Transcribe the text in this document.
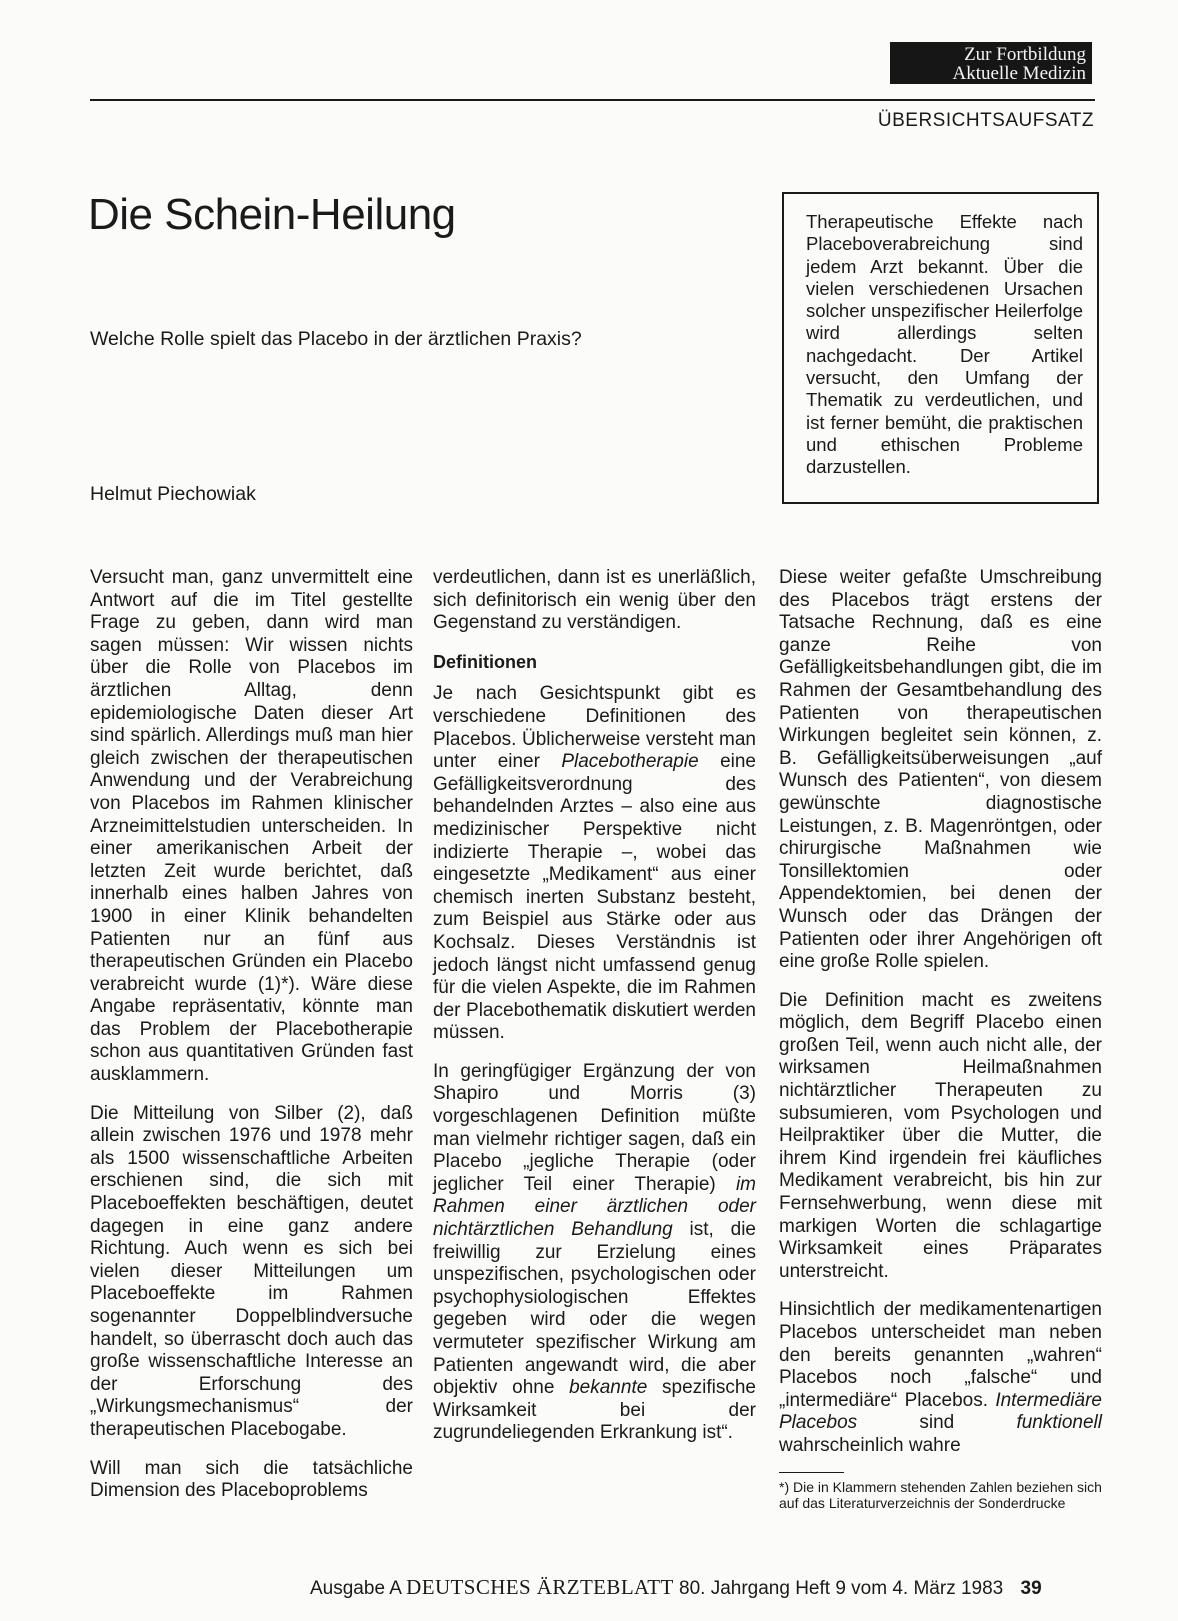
Zur Fortbildung
Aktuelle Medizin
ÜBERSICHTSAUFSATZ
Die Schein-Heilung
Welche Rolle spielt das Placebo in der ärztlichen Praxis?
Helmut Piechowiak
Therapeutische Effekte nach Placeboverabreichung sind jedem Arzt bekannt. Über die vielen verschiedenen Ursachen solcher unspezifischer Heilerfolge wird allerdings selten nachgedacht. Der Artikel versucht, den Umfang der Thematik zu verdeutlichen, und ist ferner bemüht, die praktischen und ethischen Probleme darzustellen.

Versucht man, ganz unvermittelt eine Antwort auf die im Titel gestellte Frage zu geben, dann wird man sagen müssen: Wir wissen nichts über die Rolle von Placebos im ärztlichen Alltag, denn epidemiologische Daten dieser Art sind spärlich. Allerdings muß man hier gleich zwischen der therapeutischen Anwendung und der Verabreichung von Placebos im Rahmen klinischer Arzneimittelstudien unterscheiden. In einer amerikanischen Arbeit der letzten Zeit wurde berichtet, daß innerhalb eines halben Jahres von 1900 in einer Klinik behandelten Patienten nur an fünf aus therapeutischen Gründen ein Placebo verabreicht wurde (1)*). Wäre diese Angabe repräsentativ, könnte man das Problem der Placebotherapie schon aus quantitativen Gründen fast ausklammern.

Die Mitteilung von Silber (2), daß allein zwischen 1976 und 1978 mehr als 1500 wissenschaftliche Arbeiten erschienen sind, die sich mit Placeboeffekten beschäftigen, deutet dagegen in eine ganz andere Richtung. Auch wenn es sich bei vielen dieser Mitteilungen um Placeboeffekte im Rahmen sogenannter Doppelblindversuche handelt, so überrascht doch auch das große wissenschaftliche Interesse an der Erforschung des „Wirkungsmechanismus“ der therapeutischen Placebogabe.

Will man sich die tatsächliche Dimension des Placeboproblems

verdeutlichen, dann ist es unerläßlich, sich definitorisch ein wenig über den Gegenstand zu verständigen.

Definitionen

Je nach Gesichtspunkt gibt es verschiedene Definitionen des Placebos. Üblicherweise versteht man unter einer Placebotherapie eine Gefälligkeitsverordnung des behandelnden Arztes – also eine aus medizinischer Perspektive nicht indizierte Therapie –, wobei das eingesetzte „Medikament“ aus einer chemisch inerten Substanz besteht, zum Beispiel aus Stärke oder aus Kochsalz. Dieses Verständnis ist jedoch längst nicht umfassend genug für die vielen Aspekte, die im Rahmen der Placebothematik diskutiert werden müssen.

In geringfügiger Ergänzung der von Shapiro und Morris (3) vorgeschlagenen Definition müßte man vielmehr richtiger sagen, daß ein Placebo „jegliche Therapie (oder jeglicher Teil einer Therapie) im Rahmen einer ärztlichen oder nichtärztlichen Behandlung ist, die freiwillig zur Erzielung eines unspezifischen, psychologischen oder psychophysiologischen Effektes gegeben wird oder die wegen vermuteter spezifischer Wirkung am Patienten angewandt wird, die aber objektiv ohne bekannte spezifische Wirksamkeit bei der zugrundeliegenden Erkrankung ist“.

Diese weiter gefaßte Umschreibung des Placebos trägt erstens der Tatsache Rechnung, daß es eine ganze Reihe von Gefälligkeitsbehandlungen gibt, die im Rahmen der Gesamtbehandlung des Patienten von therapeutischen Wirkungen begleitet sein können, z. B. Gefälligkeitsüberweisungen „auf Wunsch des Patienten“, von diesem gewünschte diagnostische Leistungen, z. B. Magenröntgen, oder chirurgische Maßnahmen wie Tonsillektomien oder Appendektomien, bei denen der Wunsch oder das Drängen der Patienten oder ihrer Angehörigen oft eine große Rolle spielen.

Die Definition macht es zweitens möglich, dem Begriff Placebo einen großen Teil, wenn auch nicht alle, der wirksamen Heilmaßnahmen nichtärztlicher Therapeuten zu subsumieren, vom Psychologen und Heilpraktiker über die Mutter, die ihrem Kind irgendein frei käufliches Medikament verabreicht, bis hin zur Fernsehwerbung, wenn diese mit markigen Worten die schlagartige Wirksamkeit eines Präparates unterstreicht.

Hinsichtlich der medikamentenartigen Placebos unterscheidet man neben den bereits genannten „wahren“ Placebos noch „falsche“ und „intermediäre“ Placebos. Intermediäre Placebos sind funktionell wahrscheinlich wahre

*) Die in Klammern stehenden Zahlen beziehen sich auf das Literaturverzeichnis der Sonderdrucke
Ausgabe A DEUTSCHES ÄRZTEBLATT 80. Jahrgang Heft 9 vom 4. März 1983 39
